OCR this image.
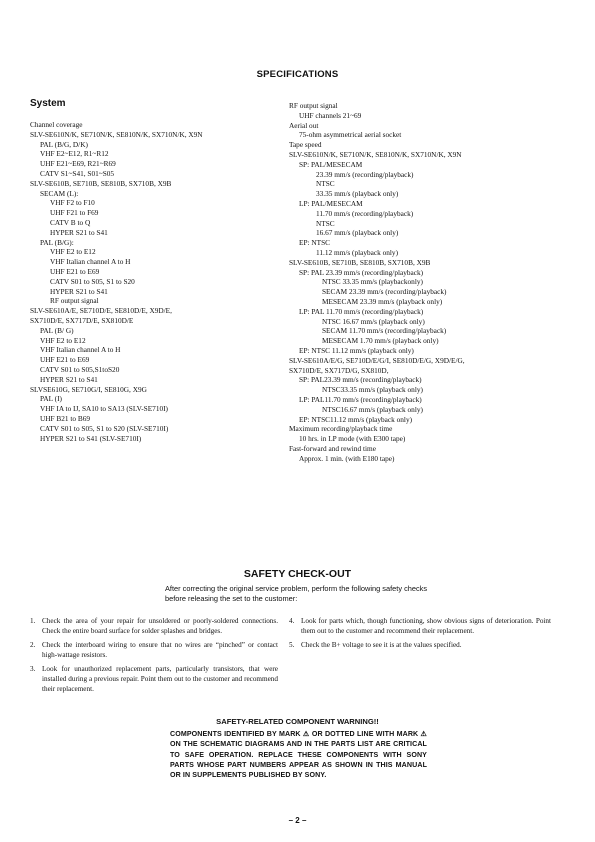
SPECIFICATIONS
System
Channel coverage
SLV-SE610N/K, SE710N/K, SE810N/K, SX710N/K, X9N
PAL (B/G, D/K)
VHF E2~E12, R1~R12
UHF E21~E69, R21~R69
CATV S1~S41, S01~S05
SLV-SE610B, SE710B, SE810B, SX710B, X9B
SECAM (L):
VHF F2 to F10
UHF F21 to F69
CATV B to Q
HYPER S21 to S41
PAL (B/G):
VHF E2 to E12
VHF Italian channel A to H
UHF E21 to E69
CATV S01 to S05, S1 to S20
HYPER S21 to S41
RF output signal
SLV-SE610A/E, SE710D/E, SE810D/E, X9D/E,
SX710D/E, SX717D/E, SX810D/E
PAL (B/ G)
VHF E2 to E12
VHF Italian channel A to H
UHF E21 to E69
CATV S01 to S05,S1toS20
HYPER S21 to S41
SLVSE610G, SE710G/I, SE810G, X9G
PAL (I)
VHF IA to IJ, SA10 to SA13 (SLV-SE710I)
UHF B21 to B69
CATV S01 to S05, S1 to S20 (SLV-SE710I)
HYPER S21 to S41 (SLV-SE710I)
RF output signal
UHF channels 21~69
Aerial out
75-ohm asymmetrical aerial socket
Tape speed
SLV-SE610N/K, SE710N/K, SE810N/K, SX710N/K, X9N
SP: PAL/MESECAM
23.39 mm/s (recording/playback)
NTSC
33.35 mm/s (playback only)
LP: PAL/MESECAM
11.70 mm/s (recording/playback)
NTSC
16.67 mm/s (playback only)
EP: NTSC
11.12 mm/s (playback only)
SLV-SE610B, SE710B, SE810B, SX710B, X9B
SP: PAL 23.39 mm/s (recording/playback)
NTSC 33.35 mm/s (playbackonly)
SECAM 23.39 mm/s (recording/playback)
MESECAM 23.39 mm/s (playback only)
LP: PAL 11.70 mm/s (recording/playback)
NTSC 16.67 mm/s (playback only)
SECAM 11.70 mm/s (recording/playback)
MESECAM 1.70 mm/s (playback only)
EP: NTSC 11.12 mm/s (playback only)
SLV-SE610A/E/G, SE710D/E/G/I, SE810D/E/G, X9D/E/G,
SX710D/E, SX717D/G, SX810D,
SP: PAL23.39 mm/s (recording/playback)
NTSC33.35 mm/s (playback only)
LP: PAL11.70 mm/s (recording/playback)
NTSC16.67 mm/s (playback only)
EP: NTSC11.12 mm/s (playback only)
Maximum recording/playback time
10 hrs. in LP mode (with E300 tape)
Fast-forward and rewind time
Approx. 1 min. (with E180 tape)
SAFETY CHECK-OUT
After correcting the original service problem, perform the following safety checks before releasing the set to the customer:
1. Check the area of your repair for unsoldered or poorly-soldered connections. Check the entire board surface for solder splashes and bridges.
2. Check the interboard wiring to ensure that no wires are “pinched” or contact high-wattage resistors.
3. Look for unauthorized replacement parts, particularly transistors, that were installed during a previous repair. Point them out to the customer and recommend their replacement.
4. Look for parts which, though functioning, show obvious signs of deterioration. Point them out to the customer and recommend their replacement.
5. Check the B+ voltage to see it is at the values specified.
SAFETY-RELATED COMPONENT WARNING!!
COMPONENTS IDENTIFIED BY MARK ⚠ OR DOTTED LINE WITH MARK ⚠ ON THE SCHEMATIC DIAGRAMS AND IN THE PARTS LIST ARE CRITICAL TO SAFE OPERATION. REPLACE THESE COMPONENTS WITH SONY PARTS WHOSE PART NUMBERS APPEAR AS SHOWN IN THIS MANUAL OR IN SUPPLEMENTS PUBLISHED BY SONY.
– 2 –
